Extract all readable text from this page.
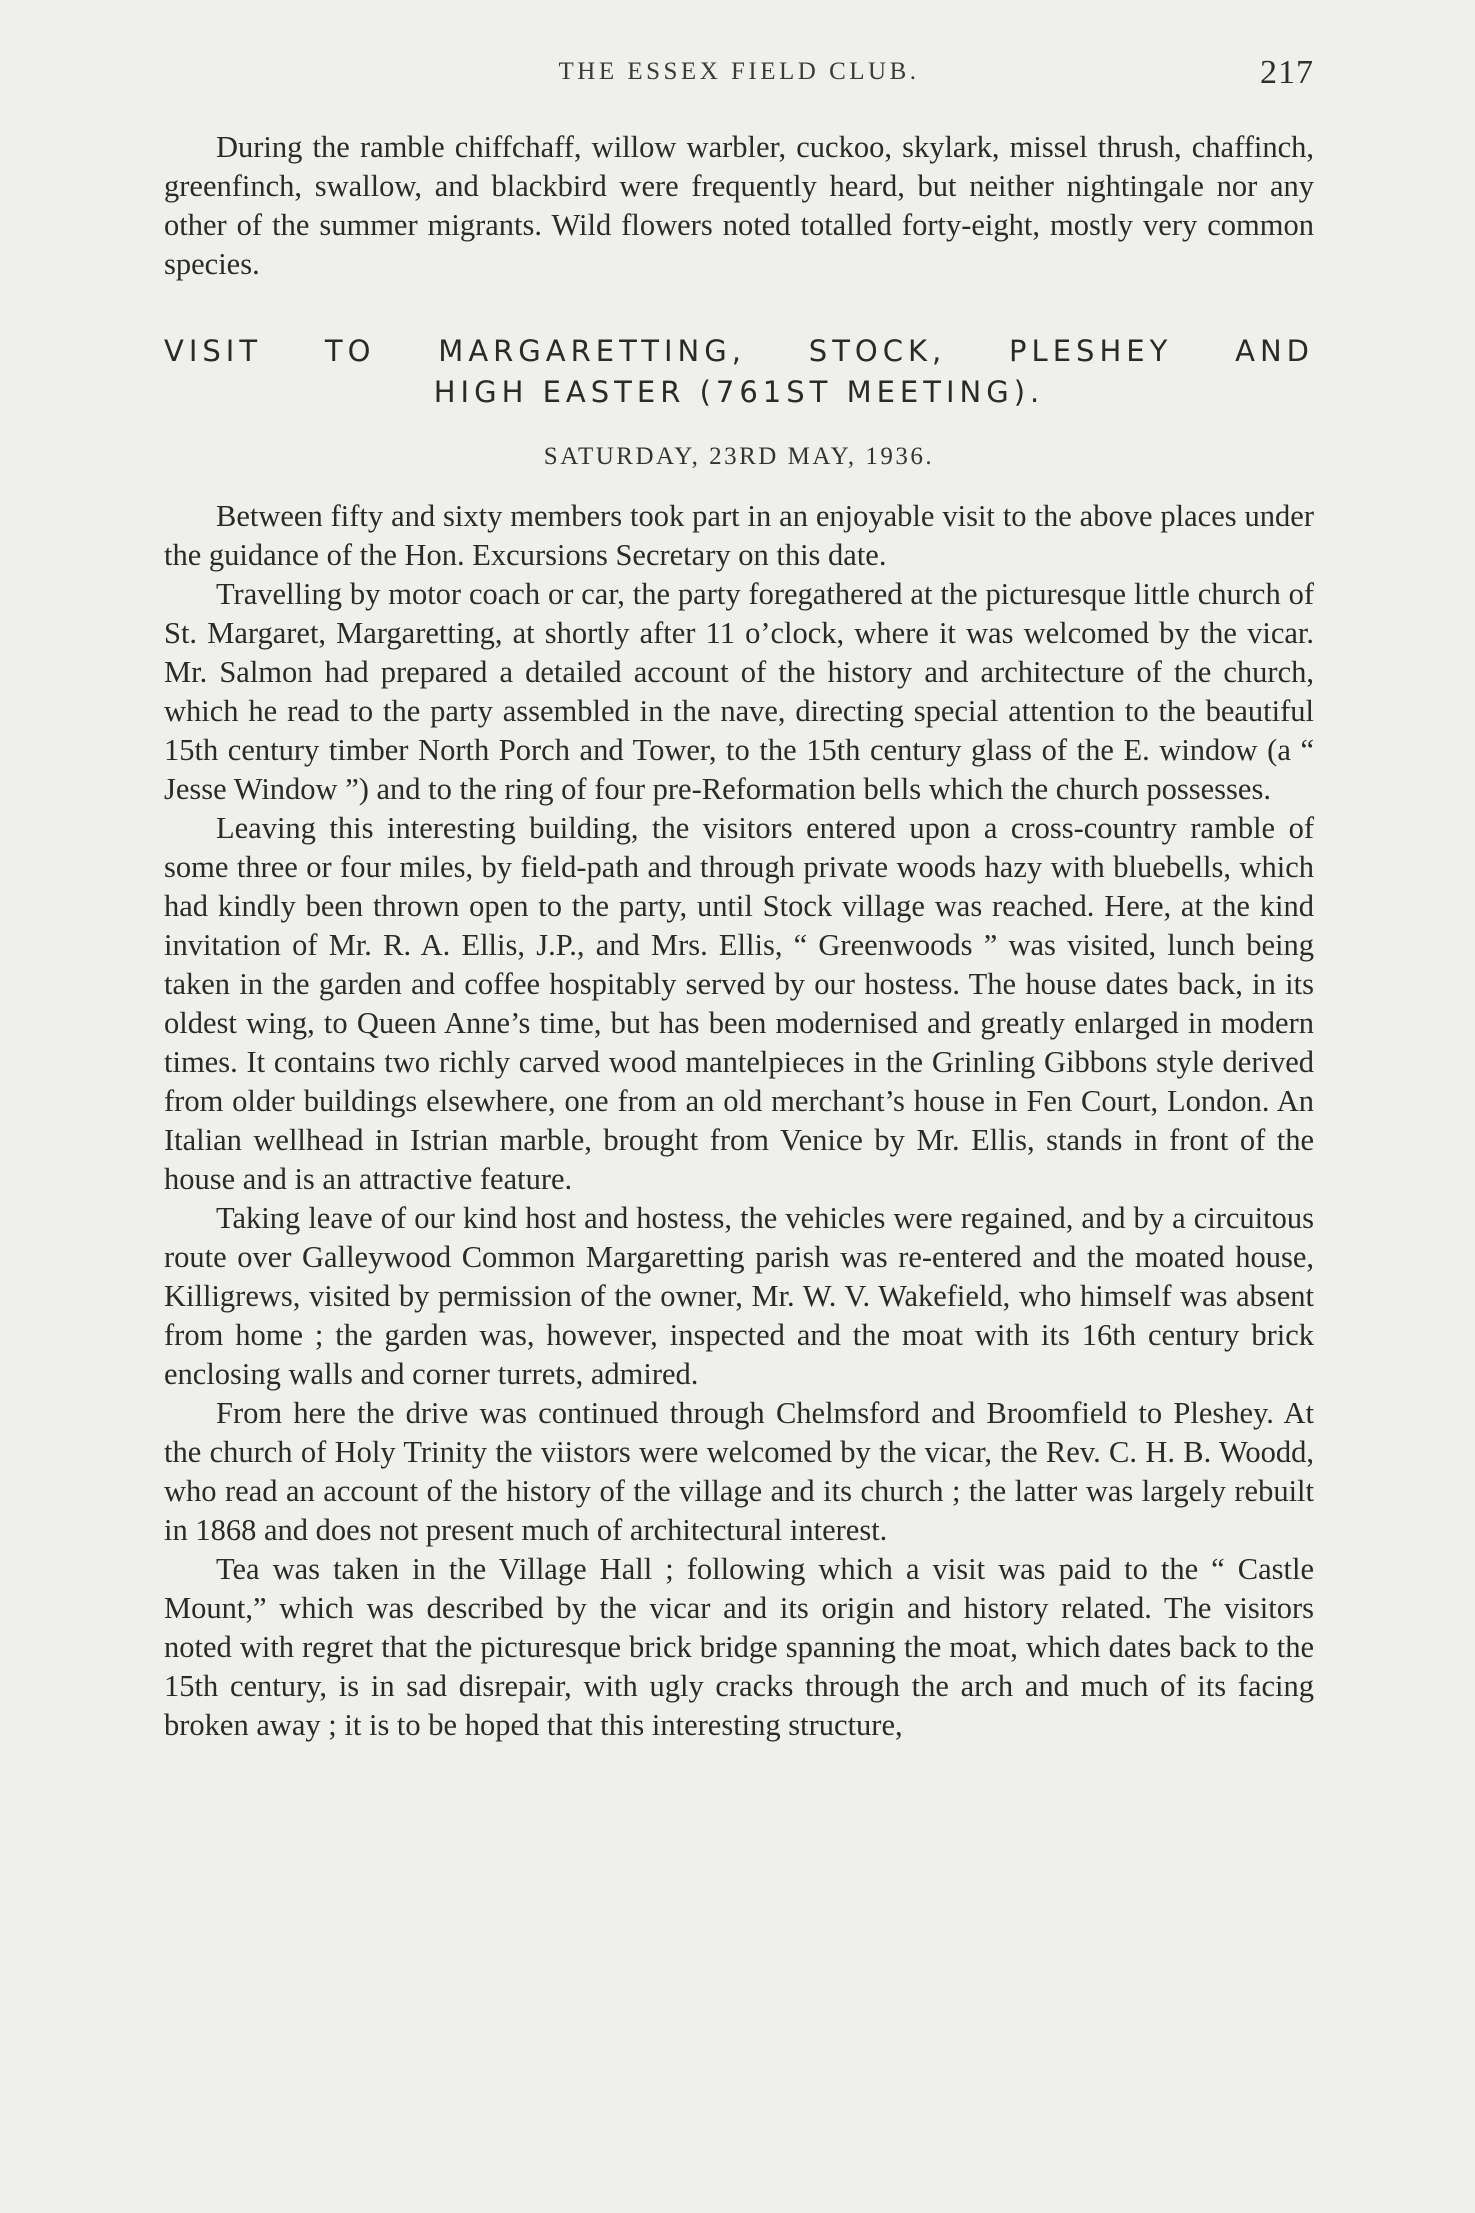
THE ESSEX FIELD CLUB.	217

During the ramble chiffchaff, willow warbler, cuckoo, skylark, missel thrush, chaffinch, greenfinch, swallow, and blackbird were frequently heard, but neither nightingale nor any other of the summer migrants. Wild flowers noted totalled forty-eight, mostly very common species.

VISIT TO MARGARETTING, STOCK, PLESHEY AND
HIGH EASTER (761ST MEETING).
SATURDAY, 23RD MAY, 1936.

Between fifty and sixty members took part in an enjoyable visit to the above places under the guidance of the Hon. Excursions Secretary on this date.

Travelling by motor coach or car, the party foregathered at the picturesque little church of St. Margaret, Margaretting, at shortly after 11 o’clock, where it was welcomed by the vicar. Mr. Salmon had prepared a detailed account of the history and architecture of the church, which he read to the party assembled in the nave, directing special attention to the beautiful 15th century timber North Porch and Tower, to the 15th century glass of the E. window (a “ Jesse Window ”) and to the ring of four pre-Reformation bells which the church possesses.

Leaving this interesting building, the visitors entered upon a cross-country ramble of some three or four miles, by field-path and through private woods hazy with bluebells, which had kindly been thrown open to the party, until Stock village was reached. Here, at the kind invitation of Mr. R. A. Ellis, J.P., and Mrs. Ellis, “ Greenwoods ” was visited, lunch being taken in the garden and coffee hospitably served by our hostess. The house dates back, in its oldest wing, to Queen Anne’s time, but has been modernised and greatly enlarged in modern times. It contains two richly carved wood mantelpieces in the Grinling Gibbons style derived from older buildings elsewhere, one from an old merchant’s house in Fen Court, London. An Italian wellhead in Istrian marble, brought from Venice by Mr. Ellis, stands in front of the house and is an attractive feature.

Taking leave of our kind host and hostess, the vehicles were regained, and by a circuitous route over Galleywood Common Margaretting parish was re-entered and the moated house, Killigrews, visited by permission of the owner, Mr. W. V. Wakefield, who himself was absent from home ; the garden was, however, inspected and the moat with its 16th century brick enclosing walls and corner turrets, admired.

From here the drive was continued through Chelmsford and Broomfield to Pleshey. At the church of Holy Trinity the viistors were welcomed by the vicar, the Rev. C. H. B. Woodd, who read an account of the history of the village and its church ; the latter was largely rebuilt in 1868 and does not present much of architectural interest.

Tea was taken in the Village Hall ; following which a visit was paid to the “ Castle Mount,” which was described by the vicar and its origin and history related. The visitors noted with regret that the picturesque brick bridge spanning the moat, which dates back to the 15th century, is in sad disrepair, with ugly cracks through the arch and much of its facing broken away ; it is to be hoped that this interesting structure,
